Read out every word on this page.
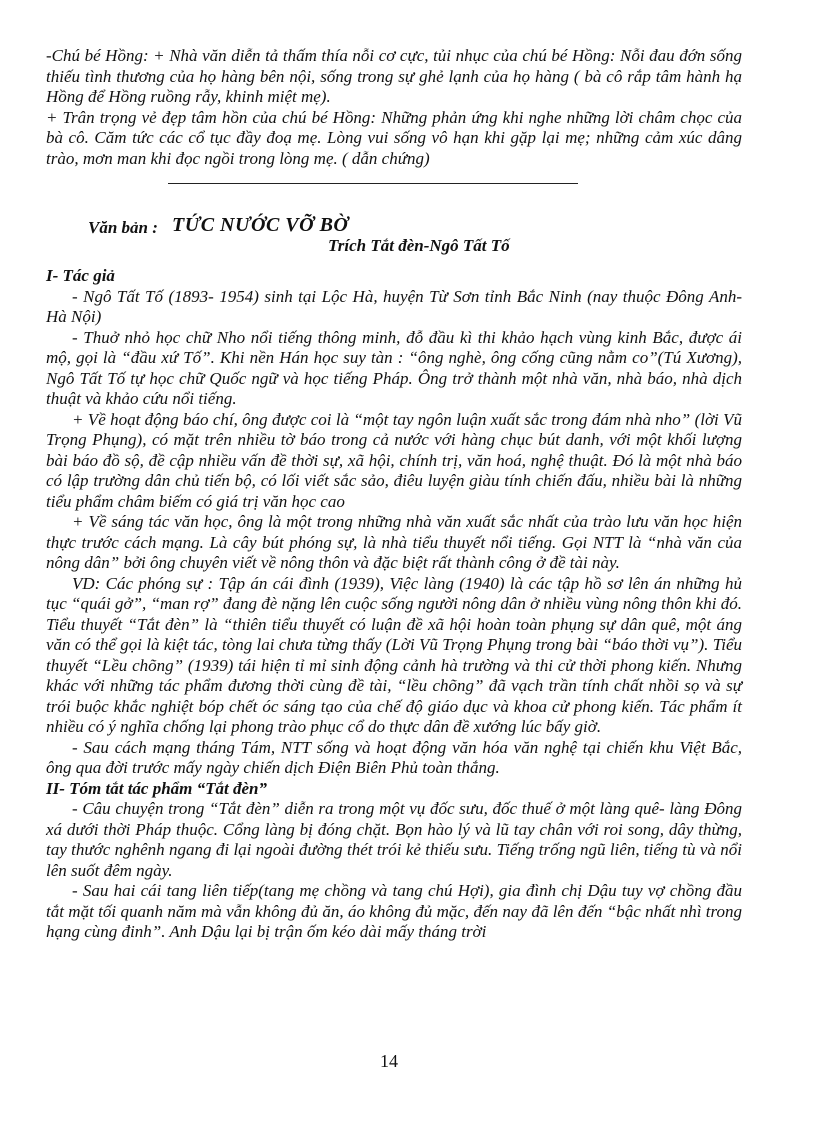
-Chú bé Hồng: + Nhà văn diễn tả thấm thía nỗi cơ cực, tủi nhục của chú bé Hồng: Nỗi đau đớn sống thiếu tình thương của họ hàng bên nội, sống trong sự ghẻ lạnh của họ hàng ( bà cô rắp tâm hành hạ Hồng để Hồng ruồng rẫy, khinh miệt mẹ).

+ Trân trọng vẻ đẹp tâm hồn của chú bé Hồng: Những phản ứng khi nghe những lời châm chọc của bà cô. Căm tức các cổ tục đầy đoạ mẹ. Lòng vui sống vô hạn khi gặp lại mẹ; những cảm xúc dâng trào, mơn man khi đọc ngồi trong lòng mẹ. ( dẫn chứng)

Văn bản : TỨC NƯỚC VỠ BỜ
Trích Tắt đèn-Ngô Tất Tố

I- Tác giả

- Ngô Tất Tố (1893- 1954) sinh tại Lộc Hà, huyện Từ Sơn tỉnh Bắc Ninh (nay thuộc Đông Anh- Hà Nội)

- Thuở nhỏ học chữ Nho nổi tiếng thông minh, đỗ đầu kì thi khảo hạch vùng kinh Bắc, được ái mộ, gọi là “đầu xứ Tố”. Khi nền Hán học suy tàn : “ông nghè, ông cống cũng nằm co”(Tú Xương), Ngô Tất Tố tự học chữ Quốc ngữ và học tiếng Pháp. Ông trở thành một nhà văn, nhà báo, nhà dịch thuật và khảo cứu nổi tiếng.

+ Về hoạt động báo chí, ông được coi là “một tay ngôn luận xuất sắc trong đám nhà nho” (lời Vũ Trọng Phụng), có mặt trên nhiều tờ báo trong cả nước với hàng chục bút danh, với một khối lượng bài báo đồ sộ, đề cập nhiều vấn đề thời sự, xã hội, chính trị, văn hoá, nghệ thuật. Đó là một nhà báo có lập trường dân chủ tiến bộ, có lối viết sắc sảo, điêu luyện giàu tính chiến đấu, nhiều bài là những tiểu phẩm châm biếm có giá trị văn học cao

+ Về sáng tác văn học, ông là một trong những nhà văn xuất sắc nhất của trào lưu văn học hiện thực trước cách mạng. Là cây bút phóng sự, là nhà tiểu thuyết nổi tiếng. Gọi NTT là “nhà văn của nông dân” bởi ông chuyên viết về nông thôn và đặc biệt rất thành công ở đề tài này.

VD: Các phóng sự : Tập án cái đình (1939), Việc làng (1940) là các tập hồ sơ lên án những hủ tục “quái gở”, “man rợ” đang đè nặng lên cuộc sống người nông dân ở nhiều vùng nông thôn khi đó. Tiểu thuyết “Tắt đèn” là “thiên tiểu thuyết có luận đề xã hội hoàn toàn phụng sự dân quê, một áng văn có thể gọi là kiệt tác, tòng lai chưa từng thấy (Lời Vũ Trọng Phụng trong bài “báo thời vụ”). Tiểu thuyết “Lều chõng” (1939) tái hiện tỉ mỉ sinh động cảnh hà trường và thi cử thời phong kiến. Nhưng khác với những tác phẩm đương thời cùng đề tài, “lều chõng” đã vạch trần tính chất nhồi sọ và sự trói buộc khắc nghiệt bóp chết óc sáng tạo của chế độ giáo dục và khoa cử phong kiến. Tác phẩm ít nhiều có ý nghĩa chống lại phong trào phục cổ do thực dân đề xướng lúc bấy giờ.

- Sau cách mạng tháng Tám, NTT sống và hoạt động văn hóa văn nghệ tại chiến khu Việt Bắc, ông qua đời trước mấy ngày chiến dịch Điện Biên Phủ toàn thắng.

II- Tóm tắt tác phẩm “Tắt đèn”

- Câu chuyện trong “Tắt đèn” diễn ra trong một vụ đốc sưu, đốc thuế ở một làng quê- làng Đông xá dưới thời Pháp thuộc. Cổng làng bị đóng chặt. Bọn hào lý và lũ tay chân với roi song, dây thừng, tay thước nghênh ngang đi lại ngoài đường thét trói kẻ thiếu sưu. Tiếng trống ngũ liên, tiếng tù và nổi lên suốt đêm ngày.

- Sau hai cái tang liên tiếp(tang mẹ chồng và tang chú Hợi), gia đình chị Dậu tuy vợ chồng đầu tắt mặt tối quanh năm mà vẫn không đủ ăn, áo không đủ mặc, đến nay đã lên đến “bậc nhất nhì trong hạng cùng đinh”. Anh Dậu lại bị trận ốm kéo dài mấy tháng trời

14
